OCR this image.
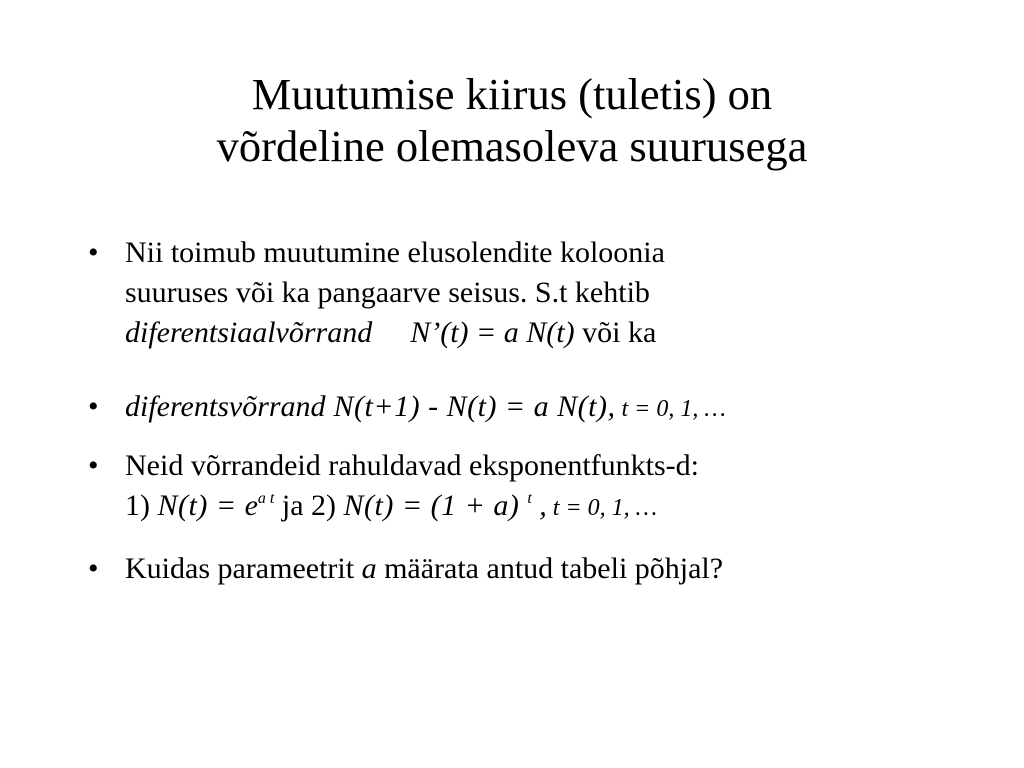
Muutumise kiirus (tuletis) on
võrdeline olemasoleva suurusega
• Nii toimub muutumine elusolendite koloonia
suuruses või ka pangaarve seisus. S.t kehtib
diferentsiaalvõrrand N’(t) = a N(t) või ka
• diferentsvõrrand N(t+1) - N(t) = a N(t), t = 0, 1, …
• Neid võrrandeid rahuldavad eksponentfunkts-d:
1) $N(t) = e^{a t}$ ja 2) N(t) = (1 + a) $^t$ , t = 0, 1, …
• Kuidas parameetrit a määrata antud tabeli põhjal?
